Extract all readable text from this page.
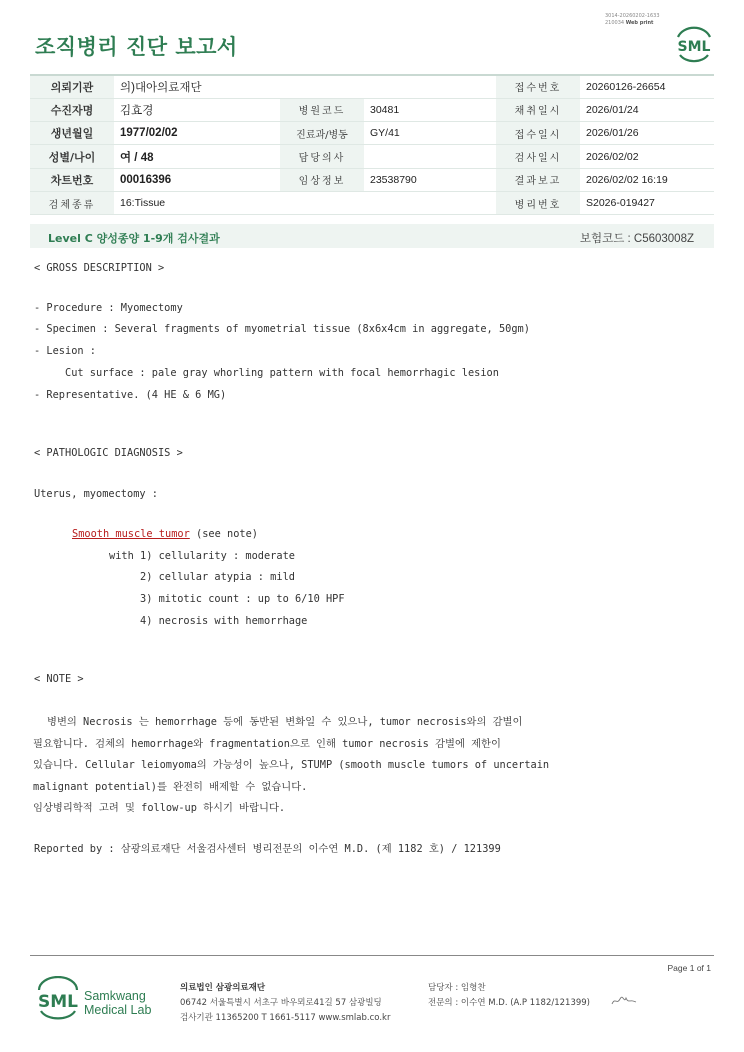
3014-20260202-1633
210034 Web print
조직병리 진단 보고서	SML
의뢰기관	의)대아의료재단			접수번호	20260126-26654
수진자명	김효경	병원코드	30481	채취일시	2026/01/24
생년월일	1977/02/02	진료과/병동	GY/41	접수일시	2026/01/26
성별/나이	여 / 48	담당의사		검사일시	2026/02/02
차트번호	00016396	임상정보	23538790	결과보고	2026/02/02 16:19
검체종류	16:Tissue			병리번호	S2026-019427
Level C 양성종양 1-9개 검사결과	보험코드 : C5603008Z
< GROSS DESCRIPTION >
- Procedure : Myomectomy
- Specimen : Several fragments of myometrial tissue (8x6x4cm in aggregate, 50gm)
- Lesion :
Cut surface : pale gray whorling pattern with focal hemorrhagic lesion
- Representative. (4 HE & 6 MG)
< PATHOLOGIC DIAGNOSIS >
Uterus, myomectomy :
Smooth muscle tumor (see note)
with 1) cellularity : moderate
2) cellular atypia : mild
3) mitotic count : up to 6/10 HPF
4) necrosis with hemorrhage
< NOTE >
병변의 Necrosis 는 hemorrhage 등에 동반된 변화일 수 있으나, tumor necrosis와의 감별이
필요합니다. 검체의 hemorrhage와 fragmentation으로 인해 tumor necrosis 감별에 제한이
있습니다. Cellular leiomyoma의 가능성이 높으나, STUMP (smooth muscle tumors of uncertain
malignant potential)를 완전히 배제할 수 없습니다.
임상병리학적 고려 및 follow-up 하시기 바랍니다.
Reported by : 삼광의료재단 서울검사센터 병리전문의 이수연 M.D. (제 1182 호) / 121399
Page 1 of 1
SML Samkwang
Medical Lab
의료법인 삼광의료재단
06742 서울특별시 서초구 바우뫼로41길 57 삼광빌딩
검사기관 11365200 T 1661-5117 www.smlab.co.kr
담당자 : 임형찬
전문의 : 이수연 M.D. (A.P 1182/121399)
